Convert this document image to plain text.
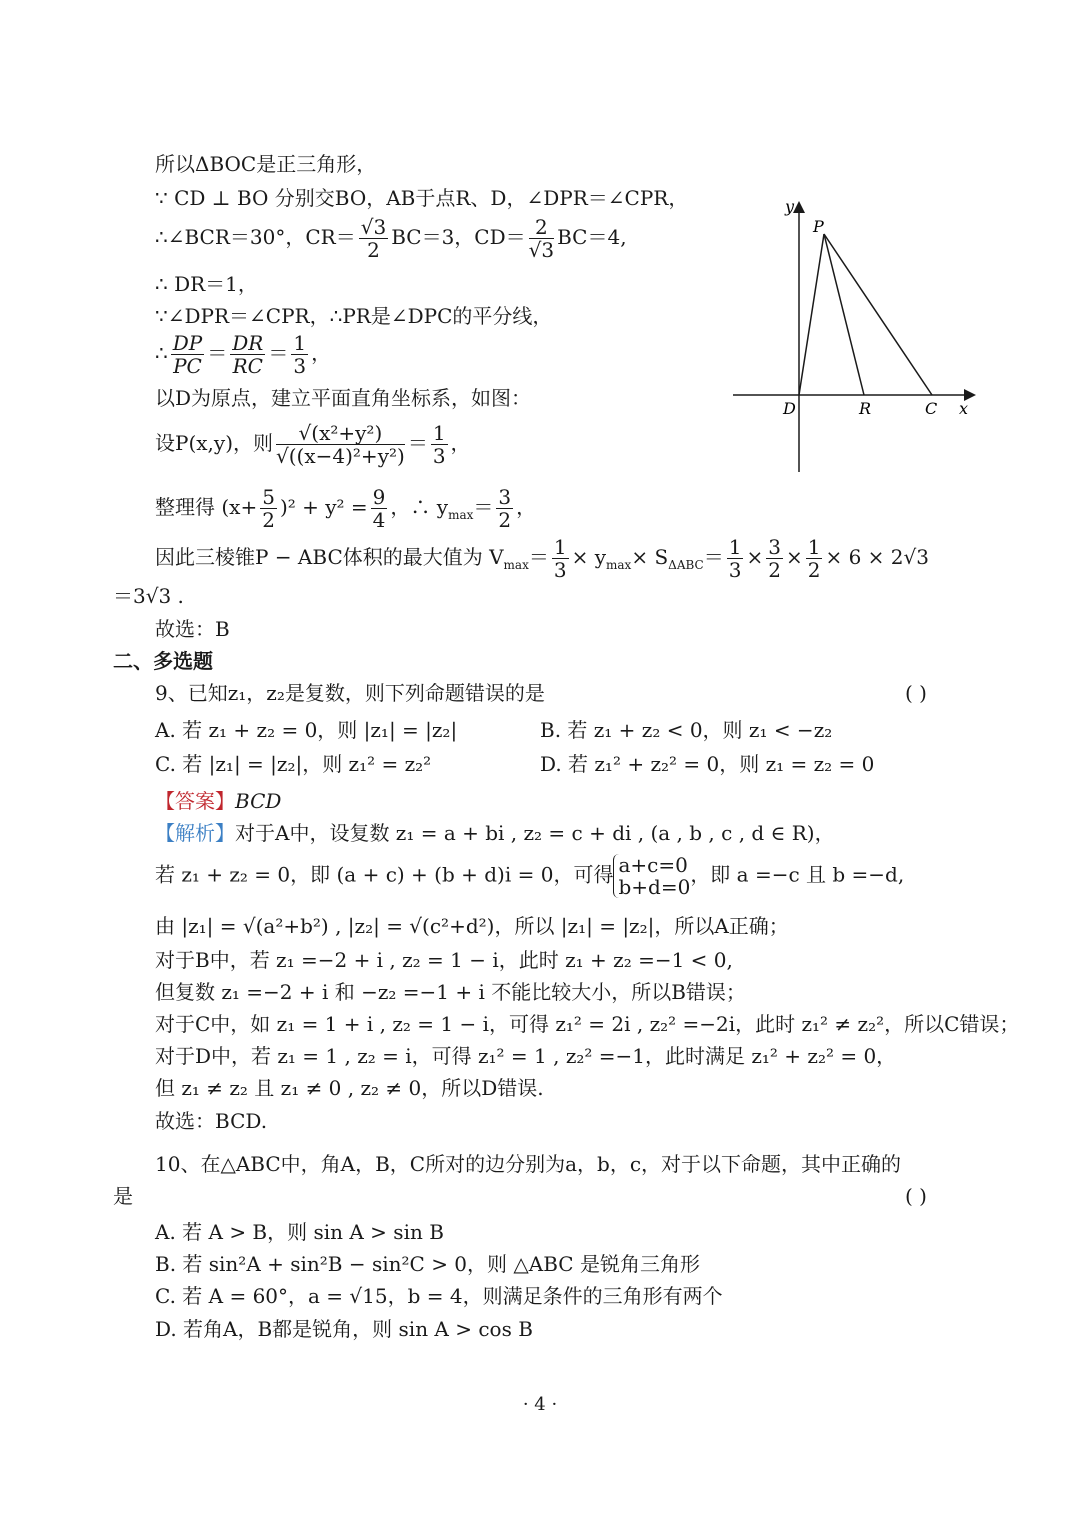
所以ΔBOC是正三角形，
∵ CD ⊥ BO 分别交BO，AB于点R、D，∠DPR＝∠CPR，
∴∠BCR＝30°，$CR= \frac{√3}{2} BC=3$，$CD= \frac{2}{√3} BC=4$,
∴ DR＝1，
∵∠DPR＝∠CPR，∴PR是∠DPC的平分线，
∴ $\frac{DP}{PC} = \frac{DR}{RC} = \frac{1}{3}$ ，
以D为原点，建立平面直角坐标系，如图：
设P(x,y)，则 $\frac{\text{√(x²+y²)}}{\text{√((x−4)²+y²)}} = \frac{1}{3}$ ，
整理得 $(x+ \frac{5}{2} )^2 + y^2 = \frac{9}{4}$ ，∴ $y_{max}= \frac{3}{2}$ ，
因此三棱锥P − ABC体积的最大值为 $V_{max}= \frac{1}{3} \times y_{max}\times S_{\Delta ABC}= \frac{1}{3} \times \frac{3}{2} \times \frac{1}{2} \times 6 \times 2√3$
＝3√3 .
故选：B
二、多选题
9、已知z₁，z₂是复数，则下列命题错误的是	( )
A. 若 z₁ + z₂ = 0，则 |z₁| = |z₂|	B. 若 z₁ + z₂ < 0，则 z₁ < −z₂
C. 若 |z₁| = |z₂|，则 z₁² = z₂²	D. 若 z₁² + z₂² = 0，则 z₁ = z₂ = 0
【答案】BCD
【解析】对于A中，设复数 z₁ = a + bi , z₂ = c + di , (a , b , c , d ∈ R)，
若 z₁ + z₂ = 0，即 (a + c) + (b + d)i = 0，可得 a+c=0
b+d=0
，即 a =−c 且 b =−d,
由 |z₁| = √(a²+b²) , |z₂| = √(c²+d²)，所以 |z₁| = |z₂|，所以A正确；
对于B中，若 z₁ =−2 + i , z₂ = 1 − i，此时 z₁ + z₂ =−1 < 0,
但复数 z₁ =−2 + i 和 −z₂ =−1 + i 不能比较大小，所以B错误；
对于C中，如 z₁ = 1 + i , z₂ = 1 − i，可得 z₁² = 2i , z₂² =−2i，此时 z₁² ≠ z₂²，所以C错误；
对于D中，若 z₁ = 1 , z₂ = i，可得 z₁² = 1 , z₂² =−1，此时满足 z₁² + z₂² = 0，
但 z₁ ≠ z₂ 且 z₁ ≠ 0 , z₂ ≠ 0，所以D错误.
故选：BCD.
10、在△ABC中，角A，B，C所对的边分别为a，b，c，对于以下命题，其中正确的
是	( )
A. 若 A > B，则 sin A > sin B
B. 若 sin²A + sin²B − sin²C > 0，则 △ABC 是锐角三角形
C. 若 A = 60°，a = √15，b = 4，则满足条件的三角形有两个
D. 若角A，B都是锐角，则 sin A > cos B
y
P
D	R	C x
· 4 ·
